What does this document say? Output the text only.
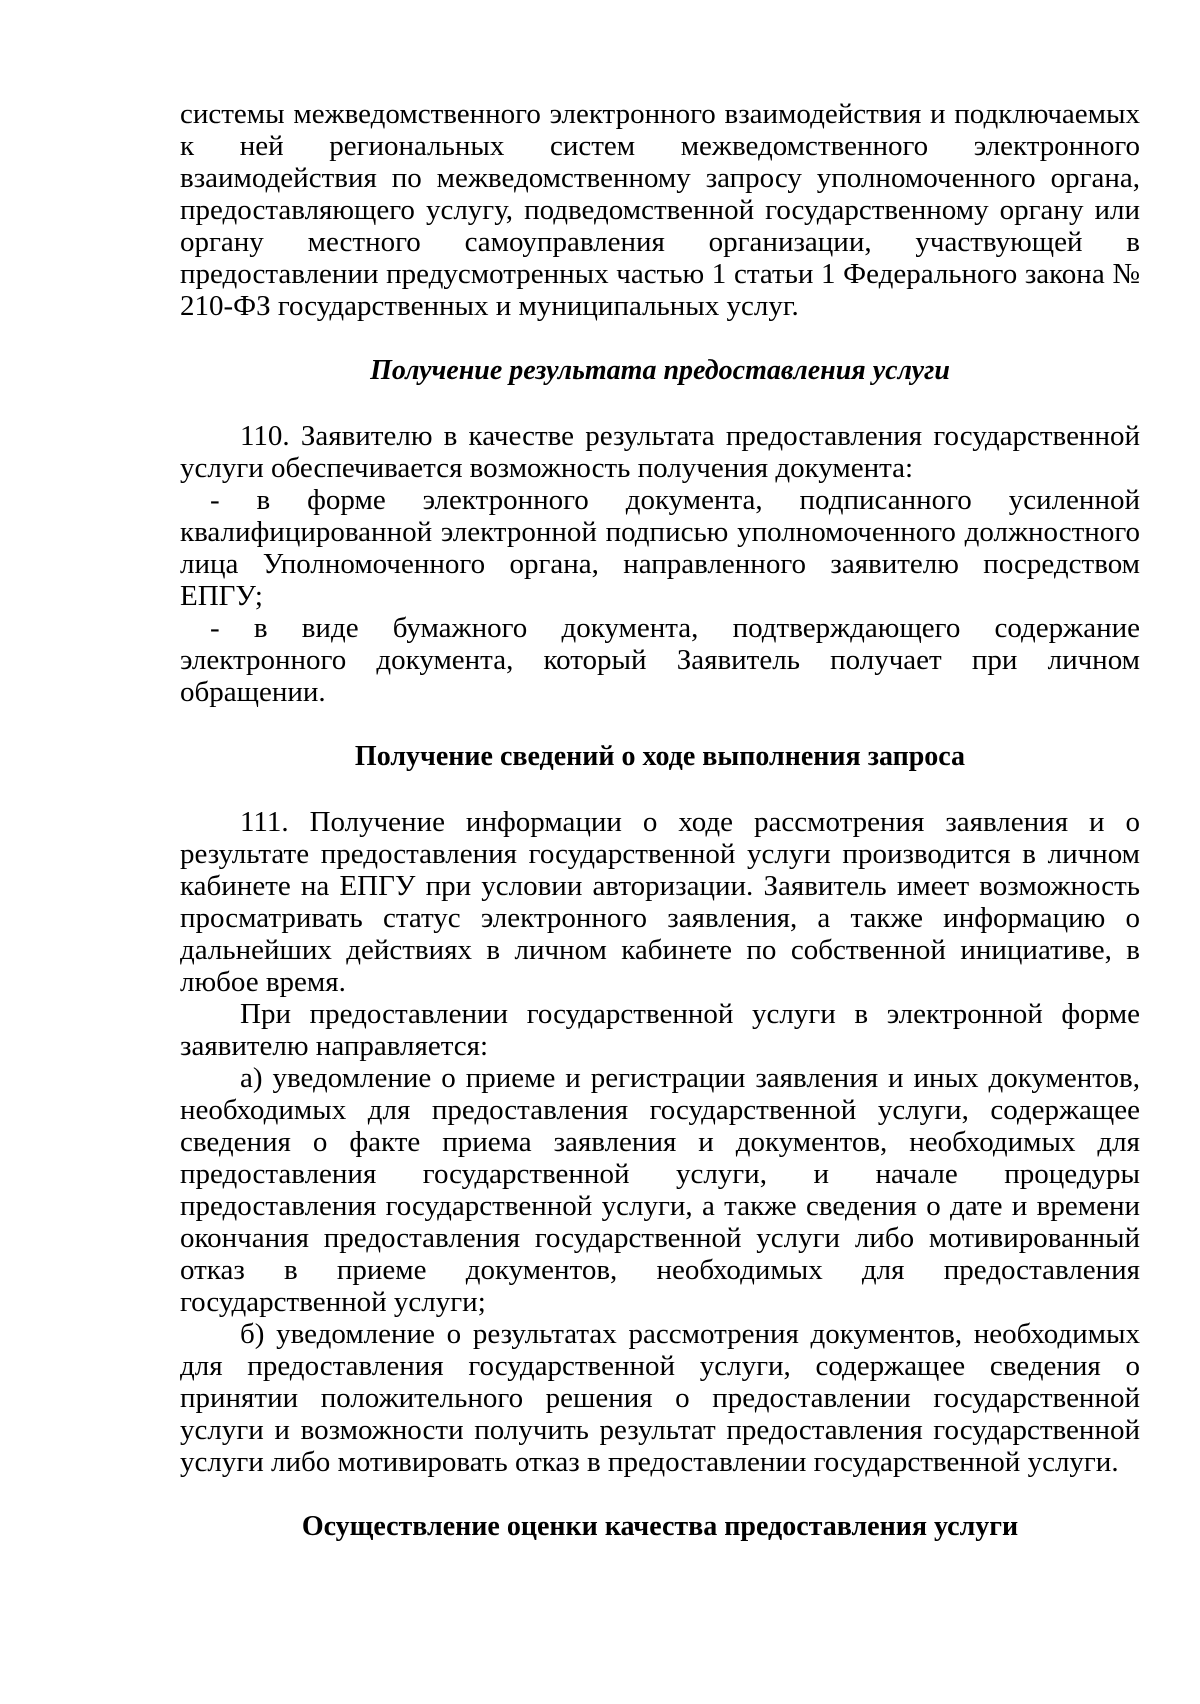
системы межведомственного электронного взаимодействия и подключаемых к ней региональных систем межведомственного электронного взаимодействия по межведомственному запросу уполномоченного органа, предоставляющего услугу, подведомственной государственному органу или органу местного самоуправления организации, участвующей в предоставлении предусмотренных частью 1 статьи 1 Федерального закона № 210-ФЗ государственных и муниципальных услуг.

Получение результата предоставления услуги

110. Заявителю в качестве результата предоставления государственной услуги обеспечивается возможность получения документа:

- в форме электронного документа, подписанного усиленной квалифицированной электронной подписью уполномоченного должностного лица Уполномоченного органа, направленного заявителю посредством ЕПГУ;

- в виде бумажного документа, подтверждающего содержание электронного документа, который Заявитель получает при личном обращении.

Получение сведений о ходе выполнения запроса

111. Получение информации о ходе рассмотрения заявления и о результате предоставления государственной услуги производится в личном кабинете на ЕПГУ при условии авторизации. Заявитель имеет возможность просматривать статус электронного заявления, а также информацию о дальнейших действиях в личном кабинете по собственной инициативе, в любое время.

При предоставлении государственной услуги в электронной форме заявителю направляется:

а) уведомление о приеме и регистрации заявления и иных документов, необходимых для предоставления государственной услуги, содержащее сведения о факте приема заявления и документов, необходимых для предоставления государственной услуги, и начале процедуры предоставления государственной услуги, а также сведения о дате и времени окончания предоставления государственной услуги либо мотивированный отказ в приеме документов, необходимых для предоставления государственной услуги;

б) уведомление о результатах рассмотрения документов, необходимых для предоставления государственной услуги, содержащее сведения о принятии положительного решения о предоставлении государственной услуги и возможности получить результат предоставления государственной услуги либо мотивировать отказ в предоставлении государственной услуги.

Осуществление оценки качества предоставления услуги
